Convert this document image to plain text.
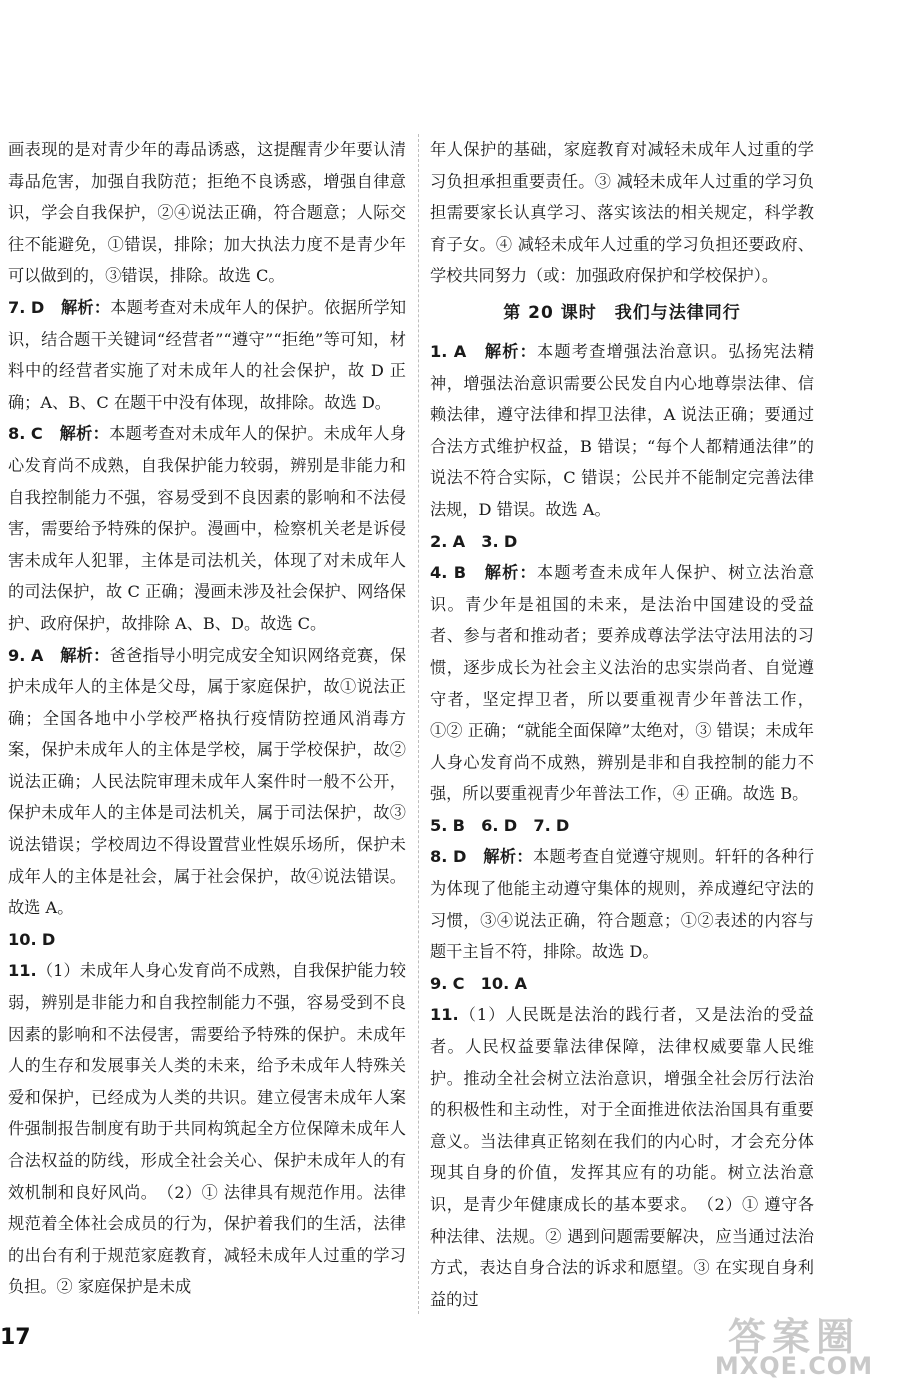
画表现的是对青少年的毒品诱惑，这提醒青少年要认清毒品危害，加强自我防范；拒绝不良诱惑，增强自律意识，学会自我保护，②④说法正确，符合题意；人际交往不能避免，①错误，排除；加大执法力度不是青少年可以做到的，③错误，排除。故选 C。

7. D　 解析：本题考查对未成年人的保护。依据所学知识，结合题干关键词“经营者”“遵守”“拒绝”等可知，材料中的经营者实施了对未成年人的社会保护，故 D 正确；A、B、C 在题干中没有体现，故排除。故选 D。

8. C　 解析：本题考查对未成年人的保护。未成年人身心发育尚不成熟，自我保护能力较弱，辨别是非能力和自我控制能力不强，容易受到不良因素的影响和不法侵害，需要给予特殊的保护。漫画中，检察机关老是诉侵害未成年人犯罪，主体是司法机关，体现了对未成年人的司法保护，故 C 正确；漫画未涉及社会保护、网络保护、政府保护，故排除 A、B、D。故选 C。

9. A　 解析：爸爸指导小明完成安全知识网络竞赛，保护未成年人的主体是父母，属于家庭保护，故①说法正确；全国各地中小学校严格执行疫情防控通风消毒方案，保护未成年人的主体是学校，属于学校保护，故②说法正确；人民法院审理未成年人案件时一般不公开，保护未成年人的主体是司法机关，属于司法保护，故③说法错误；学校周边不得设置营业性娱乐场所，保护未成年人的主体是社会，属于社会保护，故④说法错误。故选 A。

10. D

11.（1）未成年人身心发育尚不成熟，自我保护能力较弱，辨别是非能力和自我控制能力不强，容易受到不良因素的影响和不法侵害，需要给予特殊的保护。未成年人的生存和发展事关人类的未来，给予未成年人特殊关爱和保护，已经成为人类的共识。建立侵害未成年人案件强制报告制度有助于共同构筑起全方位保障未成年人合法权益的防线，形成全社会关心、保护未成年人的有效机制和良好风尚。　（2）① 法律具有规范作用。法律规范着全体社会成员的行为，保护着我们的生活，法律的出台有利于规范家庭教育，减轻未成年人过重的学习负担。② 家庭保护是未成

年人保护的基础，家庭教育对减轻未成年人过重的学习负担承担重要责任。③ 减轻未成年人过重的学习负担需要家长认真学习、落实该法的相关规定，科学教育子女。④ 减轻未成年人过重的学习负担还要政府、学校共同努力（或：加强政府保护和学校保护）。

第 20 课时　我们与法律同行

1. A　 解析：本题考查增强法治意识。弘扬宪法精神，增强法治意识需要公民发自内心地尊崇法律、信赖法律，遵守法律和捍卫法律，A 说法正确；要通过合法方式维护权益，B 错误；“每个人都精通法律”的说法不符合实际，C 错误；公民并不能制定完善法律法规，D 错误。故选 A。

2. A　3. D

4. B　 解析：本题考查未成年人保护、树立法治意识。青少年是祖国的未来，是法治中国建设的受益者、参与者和推动者；要养成尊法学法守法用法的习惯，逐步成长为社会主义法治的忠实崇尚者、自觉遵守者，坚定捍卫者，所以要重视青少年普法工作，①② 正确；“就能全面保障”太绝对，③ 错误；未成年人身心发育尚不成熟，辨别是非和自我控制的能力不强，所以要重视青少年普法工作，④ 正确。故选 B。

5. B　6. D　7. D

8. D　 解析：本题考查自觉遵守规则。轩轩的各种行为体现了他能主动遵守集体的规则，养成遵纪守法的习惯，③④说法正确，符合题意；①②表述的内容与题干主旨不符，排除。故选 D。

9. C　10. A

11.（1）人民既是法治的践行者，又是法治的受益者。人民权益要靠法律保障，法律权威要靠人民维护。推动全社会树立法治意识，增强全社会厉行法治的积极性和主动性，对于全面推进依法治国具有重要意义。当法律真正铭刻在我们的内心时，才会充分体现其自身的价值，发挥其应有的功能。树立法治意识，是青少年健康成长的基本要求。　（2）① 遵守各种法律、法规。② 遇到问题需要解决，应当通过法治方式，表达自身合法的诉求和愿望。③ 在实现自身利益的过

17	答案圈
MXQE.COM
